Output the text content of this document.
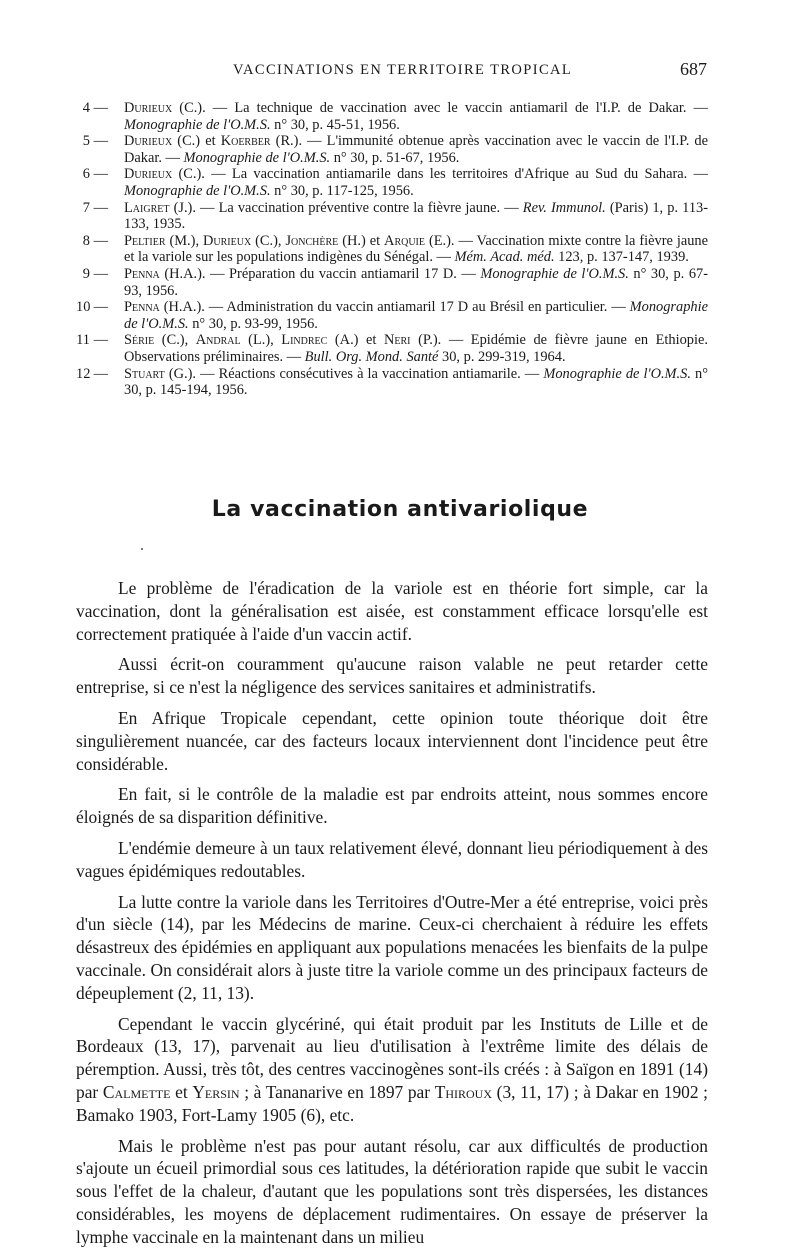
VACCINATIONS EN TERRITOIRE TROPICAL	687
4 —	Durieux (C.). — La technique de vaccination avec le vaccin antiamaril de l'I.P. de Dakar. — Monographie de l'O.M.S. n° 30, p. 45-51, 1956.
5 —	Durieux (C.) et Koerber (R.). — L'immunité obtenue après vaccination avec le vaccin de l'I.P. de Dakar. — Monographie de l'O.M.S. n° 30, p. 51-67, 1956.
6 —	Durieux (C.). — La vaccination antiamarile dans les territoires d'Afrique au Sud du Sahara. — Monographie de l'O.M.S. n° 30, p. 117-125, 1956.
7 —	Laigret (J.). — La vaccination préventive contre la fièvre jaune. — Rev. Immunol. (Paris) 1, p. 113-133, 1935.
8 —	Peltier (M.), Durieux (C.), Jonchère (H.) et Arquie (E.). — Vaccination mixte contre la fièvre jaune et la variole sur les populations indigènes du Sénégal. — Mém. Acad. méd. 123, p. 137-147, 1939.
9 —	Penna (H.A.). — Préparation du vaccin antiamaril 17 D. — Monographie de l'O.M.S. n° 30, p. 67-93, 1956.
10 —	Penna (H.A.). — Administration du vaccin antiamaril 17 D au Brésil en particulier. — Monographie de l'O.M.S. n° 30, p. 93-99, 1956.
11 —	Série (C.), Andral (L.), Lindrec (A.) et Neri (P.). — Epidémie de fièvre jaune en Ethiopie. Observations préliminaires. — Bull. Org. Mond. Santé 30, p. 299-319, 1964.
12 —	Stuart (G.). — Réactions consécutives à la vaccination antiamarile. — Monographie de l'O.M.S. n° 30, p. 145-194, 1956.
La vaccination antivariolique

Le problème de l'éradication de la variole est en théorie fort simple, car la vaccination, dont la généralisation est aisée, est constamment efficace lorsqu'elle est correctement pratiquée à l'aide d'un vaccin actif.

Aussi écrit-on couramment qu'aucune raison valable ne peut retarder cette entreprise, si ce n'est la négligence des services sanitaires et administratifs.

En Afrique Tropicale cependant, cette opinion toute théorique doit être singulièrement nuancée, car des facteurs locaux interviennent dont l'incidence peut être considérable.

En fait, si le contrôle de la maladie est par endroits atteint, nous sommes encore éloignés de sa disparition définitive.

L'endémie demeure à un taux relativement élevé, donnant lieu périodiquement à des vagues épidémiques redoutables.

La lutte contre la variole dans les Territoires d'Outre-Mer a été entreprise, voici près d'un siècle (14), par les Médecins de marine. Ceux-ci cherchaient à réduire les effets désastreux des épidémies en appliquant aux populations menacées les bienfaits de la pulpe vaccinale. On considérait alors à juste titre la variole comme un des principaux facteurs de dépeuplement (2, 11, 13).

Cependant le vaccin glycériné, qui était produit par les Instituts de Lille et de Bordeaux (13, 17), parvenait au lieu d'utilisation à l'extrême limite des délais de péremption. Aussi, très tôt, des centres vaccinogènes sont-ils créés : à Saïgon en 1891 (14) par Calmette et Yersin ; à Tananarive en 1897 par Thiroux (3, 11, 17) ; à Dakar en 1902 ; Bamako 1903, Fort-Lamy 1905 (6), etc.

Mais le problème n'est pas pour autant résolu, car aux difficultés de production s'ajoute un écueil primordial sous ces latitudes, la détérioration rapide que subit le vaccin sous l'effet de la chaleur, d'autant que les populations sont très dispersées, les distances considérables, les moyens de déplacement rudimentaires. On essaye de préserver la lymphe vaccinale en la maintenant dans un milieu
